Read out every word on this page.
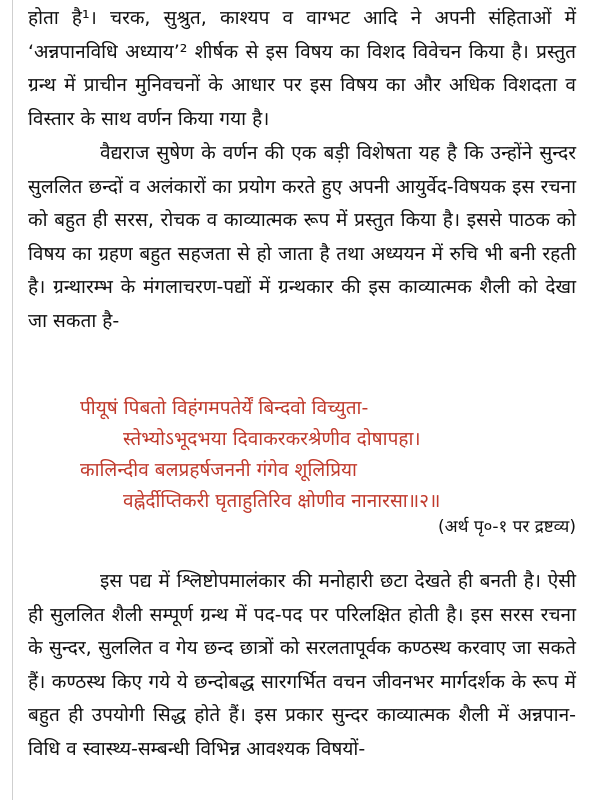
होता है¹। चरक, सुश्रुत, काश्यप व वाग्भट आदि ने अपनी संहिताओं में ‘अन्नपानविधि अध्याय’² शीर्षक से इस विषय का विशद विवेचन किया है। प्रस्तुत ग्रन्थ में प्राचीन मुनिवचनों के आधार पर इस विषय का और अधिक विशदता व विस्तार के साथ वर्णन किया गया है।
वैद्यराज सुषेण के वर्णन की एक बड़ी विशेषता यह है कि उन्होंने सुन्दर सुललित छन्दों व अलंकारों का प्रयोग करते हुए अपनी आयुर्वेद-विषयक इस रचना को बहुत ही सरस, रोचक व काव्यात्मक रूप में प्रस्तुत किया है। इससे पाठक को विषय का ग्रहण बहुत सहजता से हो जाता है तथा अध्ययन में रुचि भी बनी रहती है। ग्रन्थारम्भ के मंगलाचरण-पद्यों में ग्रन्थकार की इस काव्यात्मक शैली को देखा जा सकता है-
पीयूषं पिबतो विहंगमपतेर्यें बिन्दवो विच्युता-
स्तेभ्योऽभूदभया दिवाकरकरश्रेणीव दोषापहा।
कालिन्दीव बलप्रहर्षजननी गंगेव शूलिप्रिया
वह्नेर्दीप्तिकरी घृताहुतिरिव क्षोणीव नानारसा॥२॥
(अर्थ पृ०-१ पर द्रष्टव्य)
इस पद्य में श्लिष्टोपमालंकार की मनोहारी छटा देखते ही बनती है। ऐसी ही सुललित शैली सम्पूर्ण ग्रन्थ में पद-पद पर परिलक्षित होती है। इस सरस रचना के सुन्दर, सुललित व गेय छन्द छात्रों को सरलतापूर्वक कण्ठस्थ करवाए जा सकते हैं। कण्ठस्थ किए गये ये छन्दोबद्ध सारगर्भित वचन जीवनभर मार्गदर्शक के रूप में बहुत ही उपयोगी सिद्ध होते हैं। इस प्रकार सुन्दर काव्यात्मक शैली में अन्नपान-विधि व स्वास्थ्य-सम्बन्धी विभिन्न आवश्यक विषयों-
